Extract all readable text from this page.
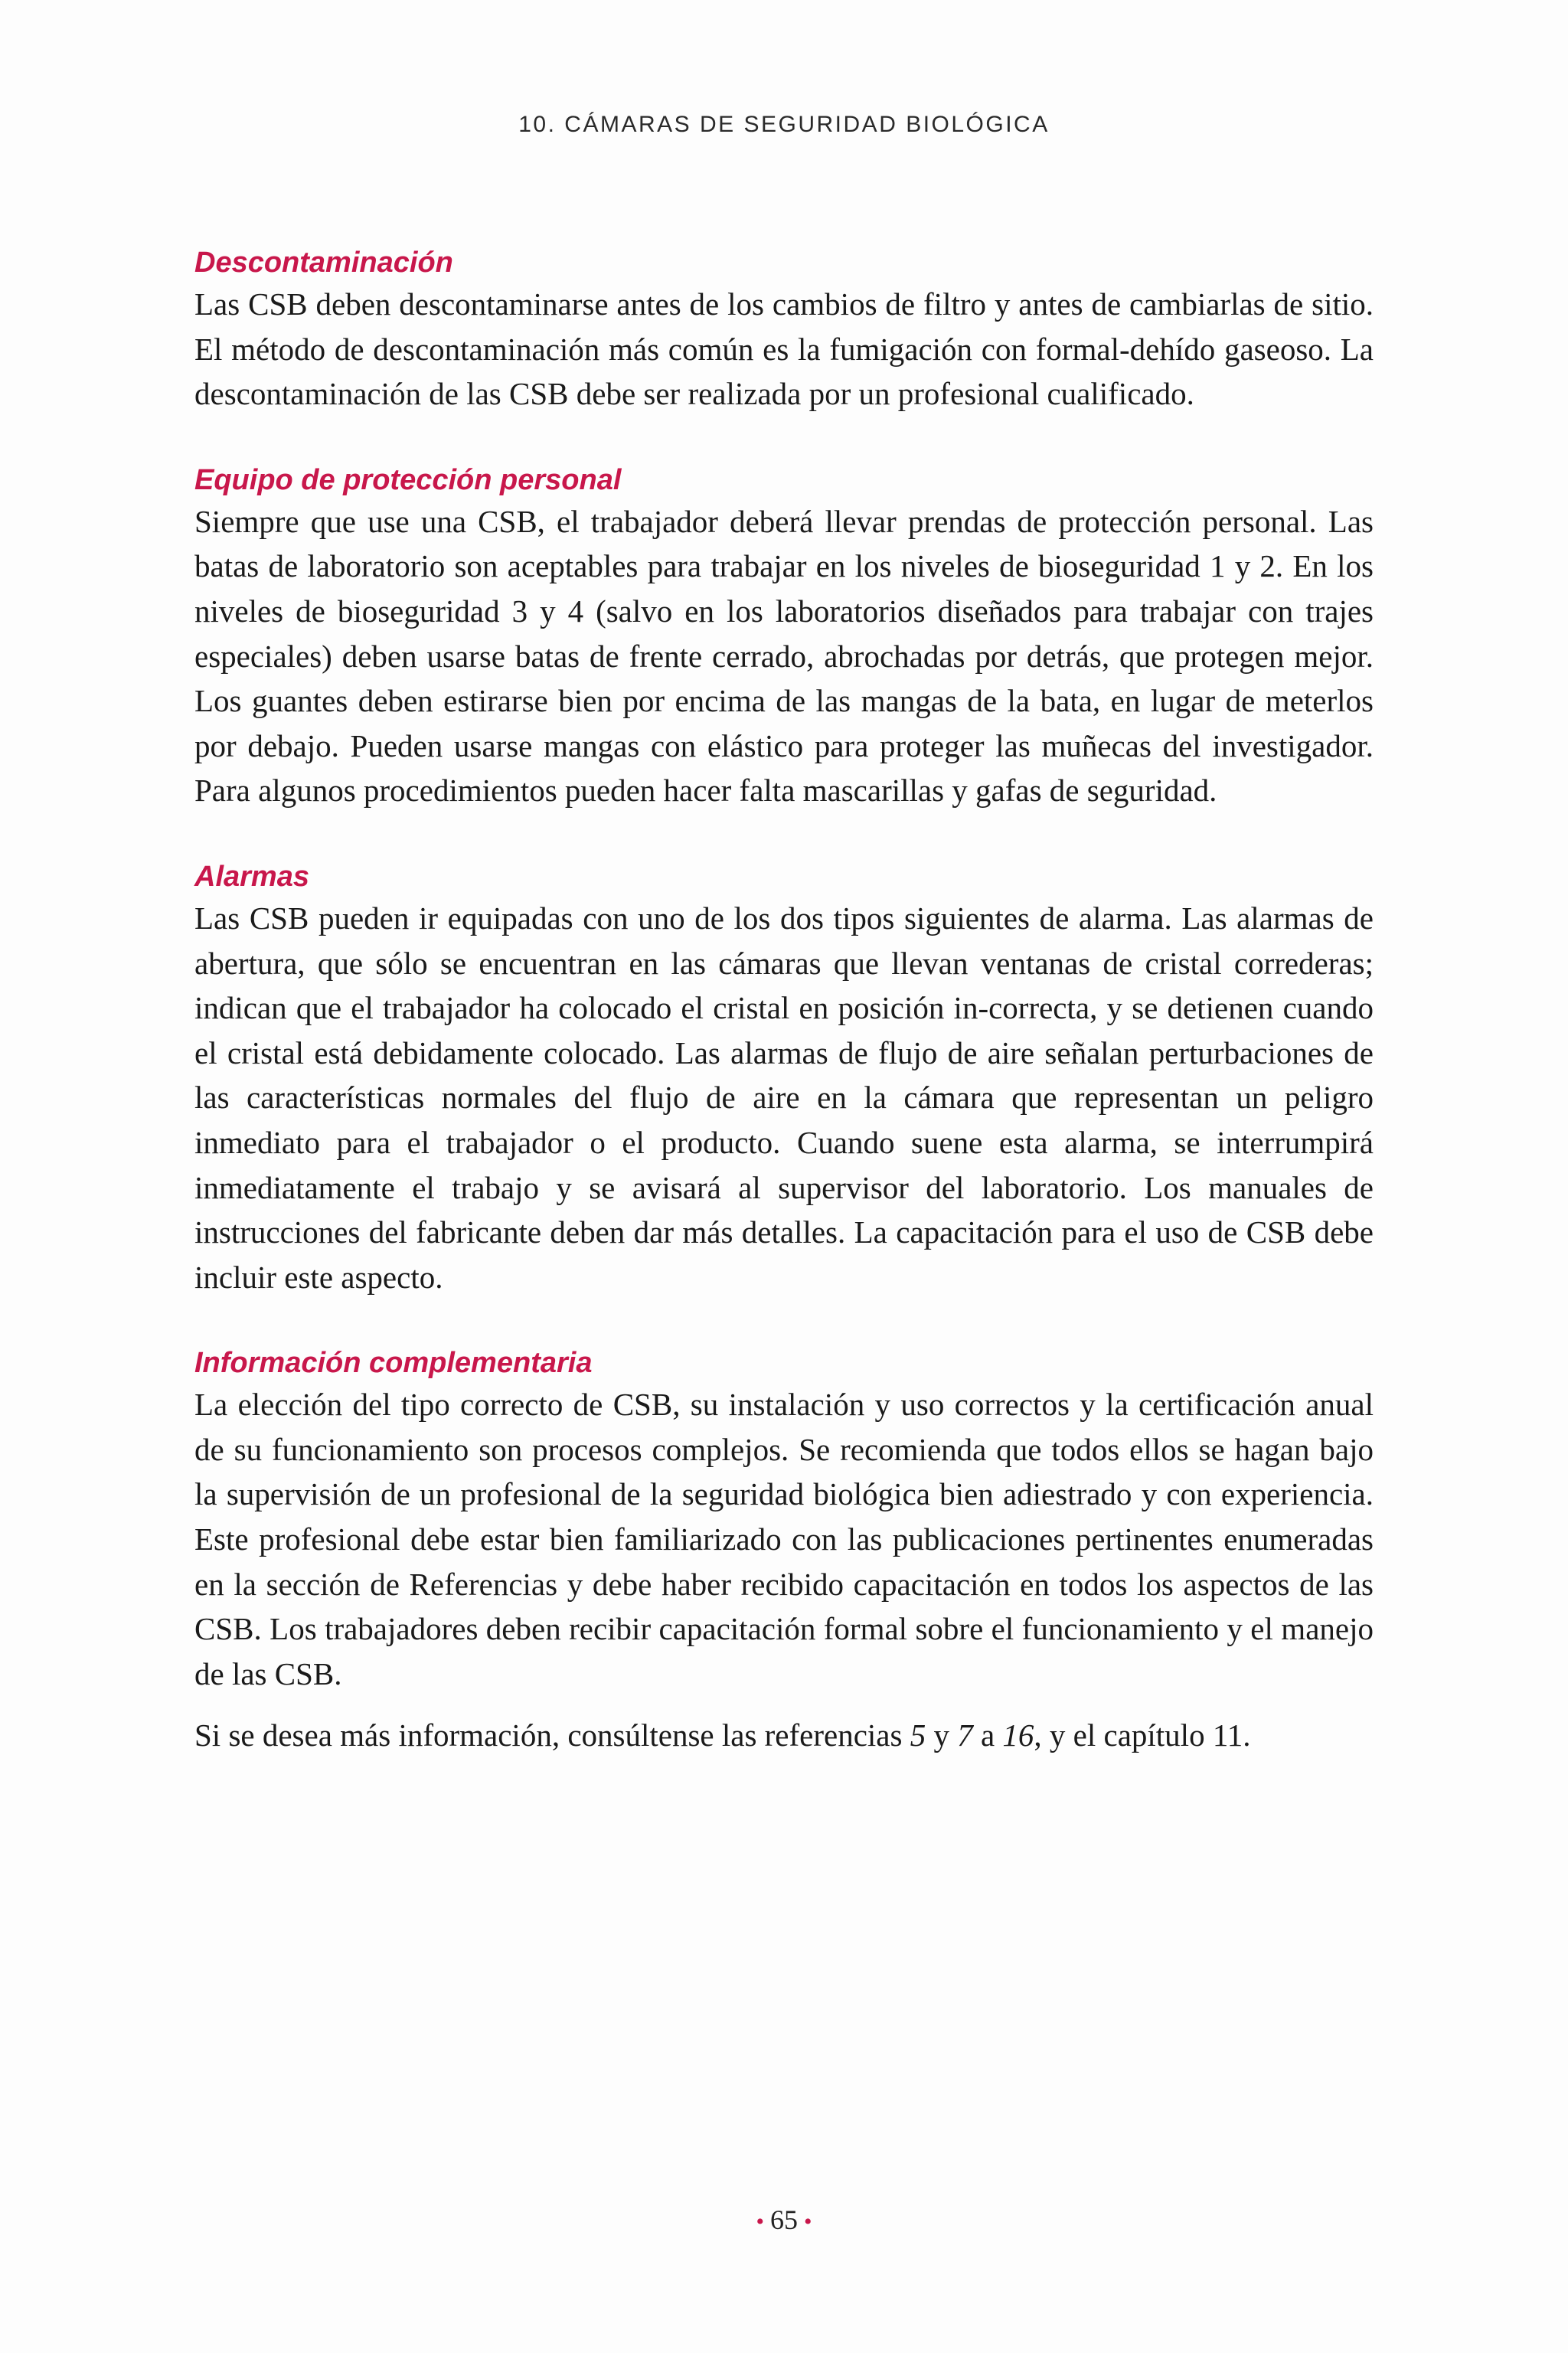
10. CÁMARAS DE SEGURIDAD BIOLÓGICA
Descontaminación

Las CSB deben descontaminarse antes de los cambios de filtro y antes de cambiarlas de sitio. El método de descontaminación más común es la fumigación con formal-dehído gaseoso. La descontaminación de las CSB debe ser realizada por un profesional cualificado.

Equipo de protección personal

Siempre que use una CSB, el trabajador deberá llevar prendas de protección personal. Las batas de laboratorio son aceptables para trabajar en los niveles de bioseguridad 1 y 2. En los niveles de bioseguridad 3 y 4 (salvo en los laboratorios diseñados para trabajar con trajes especiales) deben usarse batas de frente cerrado, abrochadas por detrás, que protegen mejor. Los guantes deben estirarse bien por encima de las mangas de la bata, en lugar de meterlos por debajo. Pueden usarse mangas con elástico para proteger las muñecas del investigador. Para algunos procedimientos pueden hacer falta mascarillas y gafas de seguridad.

Alarmas

Las CSB pueden ir equipadas con uno de los dos tipos siguientes de alarma. Las alarmas de abertura, que sólo se encuentran en las cámaras que llevan ventanas de cristal correderas; indican que el trabajador ha colocado el cristal en posición in-correcta, y se detienen cuando el cristal está debidamente colocado. Las alarmas de flujo de aire señalan perturbaciones de las características normales del flujo de aire en la cámara que representan un peligro inmediato para el trabajador o el producto. Cuando suene esta alarma, se interrumpirá inmediatamente el trabajo y se avisará al supervisor del laboratorio. Los manuales de instrucciones del fabricante deben dar más detalles. La capacitación para el uso de CSB debe incluir este aspecto.

Información complementaria

La elección del tipo correcto de CSB, su instalación y uso correctos y la certificación anual de su funcionamiento son procesos complejos. Se recomienda que todos ellos se hagan bajo la supervisión de un profesional de la seguridad biológica bien adiestrado y con experiencia. Este profesional debe estar bien familiarizado con las publicaciones pertinentes enumeradas en la sección de Referencias y debe haber recibido capacitación en todos los aspectos de las CSB. Los trabajadores deben recibir capacitación formal sobre el funcionamiento y el manejo de las CSB.

Si se desea más información, consúltense las referencias 5 y 7 a 16, y el capítulo 11.

• 65 •
